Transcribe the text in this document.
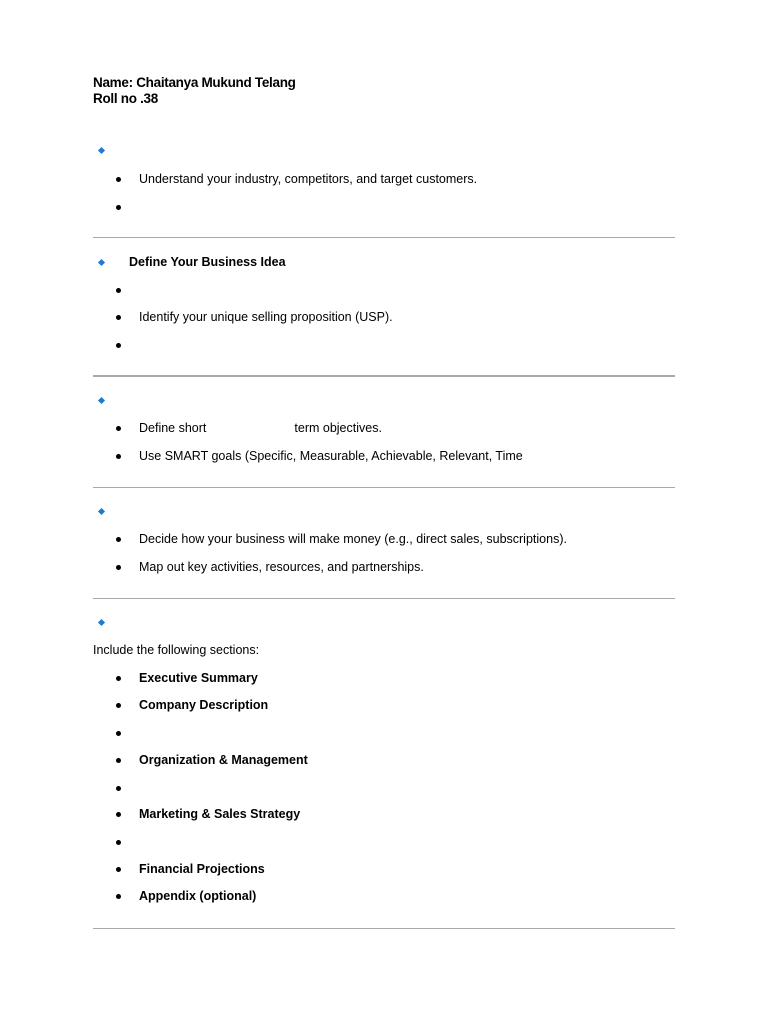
Name: Chaitanya Mukund Telang
Roll no .38
Understand your industry, competitors, and target customers.
Define Your Business Idea
Identify your unique selling proposition (USP).
Define short	term objectives.
Use SMART goals (Specific, Measurable, Achievable, Relevant, Time
Decide how your business will make money (e.g., direct sales, subscriptions).
Map out key activities, resources, and partnerships.
Include the following sections:
Executive Summary
Company Description
Organization & Management
Marketing & Sales Strategy
Financial Projections
Appendix (optional)
